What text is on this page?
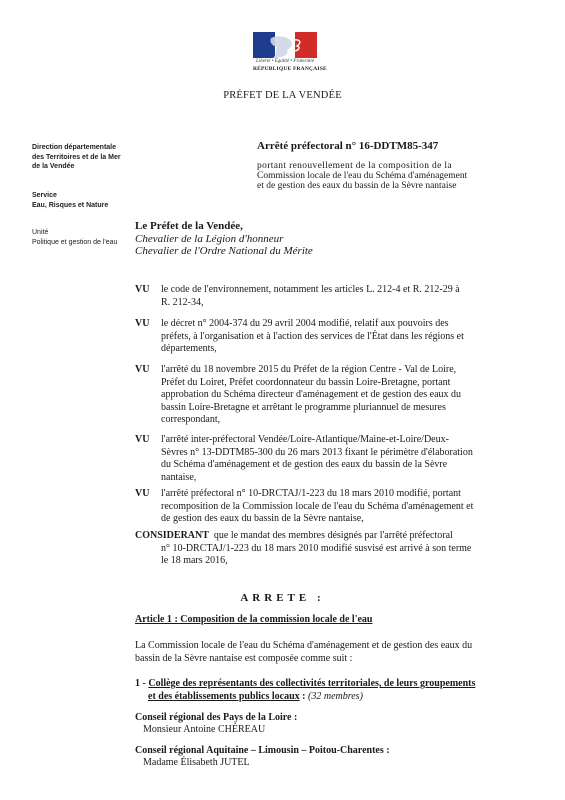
Liberté • Égalité • Fraternité
RÉPUBLIQUE FRANÇAISE
PRÉFET DE LA VENDÉE
Direction départementale
des Territoires et de la Mer
de la Vendée
Service
Eau, Risques et Nature
Unité
Politique et gestion de l'eau
Arrêté préfectoral n° 16-DDTM85-347
portant renouvellement de la composition de la
Commission locale de l'eau du Schéma d'aménagement
et de gestion des eaux du bassin de la Sèvre nantaise
Le Préfet de la Vendée,
Chevalier de la Légion d'honneur
Chevalier de l'Ordre National du Mérite
VU	le code de l'environnement, notamment les articles L. 212-4 et R. 212-29 à
R. 212-34,
VU	le décret n° 2004-374 du 29 avril 2004 modifié, relatif aux pouvoirs des
préfets, à l'organisation et à l'action des services de l'État dans les régions et
départements,
VU	l'arrêté du 18 novembre 2015 du Préfet de la région Centre - Val de Loire,
Préfet du Loiret, Préfet coordonnateur du bassin Loire-Bretagne, portant
approbation du Schéma directeur d'aménagement et de gestion des eaux du
bassin Loire-Bretagne et arrêtant le programme pluriannuel de mesures
correspondant,
VU	l'arrêté inter-préfectoral Vendée/Loire-Atlantique/Maine-et-Loire/Deux-
Sèvres n° 13-DDTM85-300 du 26 mars 2013 fixant le périmètre d'élaboration
du Schéma d'aménagement et de gestion des eaux du bassin de la Sèvre
nantaise,
VU	l'arrêté préfectoral n° 10-DRCTAJ/1-223 du 18 mars 2010 modifié, portant
recomposition de la Commission locale de l'eau du Schéma d'aménagement et
de gestion des eaux du bassin de la Sèvre nantaise,
CONSIDERANT que le mandat des membres désignés par l'arrêté préfectoral
n° 10-DRCTAJ/1-223 du 18 mars 2010 modifié susvisé est arrivé à son terme
le 18 mars 2016,
ARRETE :
Article 1 : Composition de la commission locale de l'eau
La Commission locale de l'eau du Schéma d'aménagement et de gestion des eaux du
bassin de la Sèvre nantaise est composée comme suit :
1 - Collège des représentants des collectivités territoriales, de leurs groupements
et des établissements publics locaux : (32 membres)
Conseil régional des Pays de la Loire :
Monsieur Antoine CHÉREAU
Conseil régional Aquitaine – Limousin – Poitou-Charentes :
Madame Élisabeth JUTEL
